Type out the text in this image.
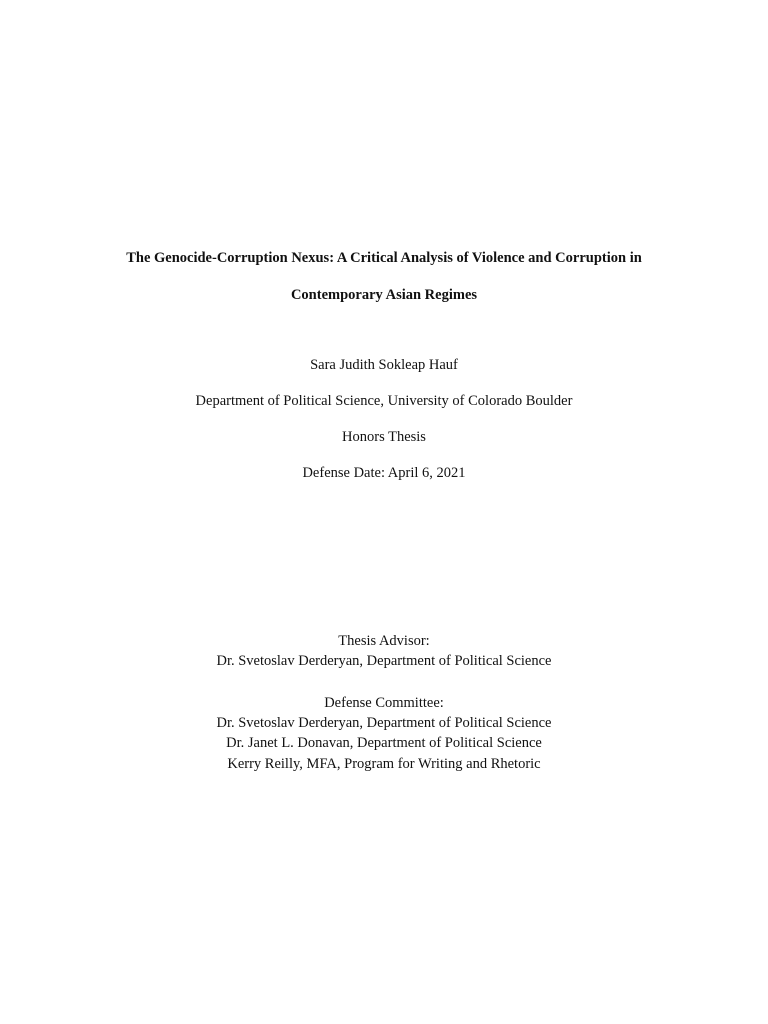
The Genocide-Corruption Nexus: A Critical Analysis of Violence and Corruption in
Contemporary Asian Regimes
Sara Judith Sokleap Hauf
Department of Political Science, University of Colorado Boulder
Honors Thesis
Defense Date: April 6, 2021
Thesis Advisor:
Dr. Svetoslav Derderyan, Department of Political Science
Defense Committee:
Dr. Svetoslav Derderyan, Department of Political Science
Dr. Janet L. Donavan, Department of Political Science
Kerry Reilly, MFA, Program for Writing and Rhetoric
